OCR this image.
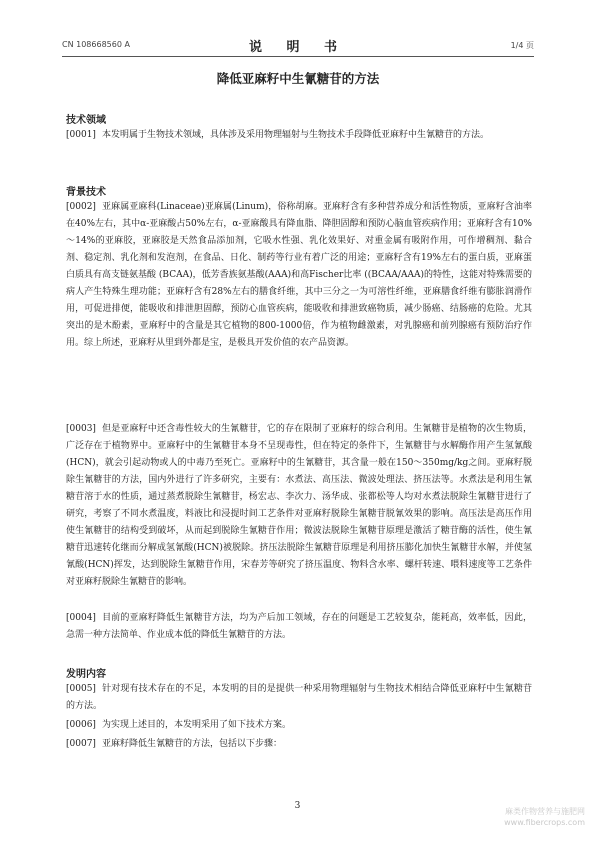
CN 108668560 A	说 明 书	1/4 页
降低亚麻籽中生氰糖苷的方法
技术领域

[0001] 本发明属于生物技术领域，具体涉及采用物理辐射与生物技术手段降低亚麻籽中生氰糖苷的方法。

背景技术

[0002] 亚麻属亚麻科(Linaceae)亚麻属(Linum)，俗称胡麻。亚麻籽含有多种营养成分和活性物质，亚麻籽含油率在40%左右，其中α-亚麻酸占50%左右，α-亚麻酸具有降血脂、降胆固醇和预防心脑血管疾病作用；亚麻籽含有10%～14%的亚麻胶，亚麻胶是天然食品添加剂，它吸水性强、乳化效果好、对重金属有吸附作用，可作增稠剂、黏合剂、稳定剂、乳化剂和发泡剂，在食品、日化、制药等行业有着广泛的用途；亚麻籽含有19%左右的蛋白质，亚麻蛋白质具有高支链氨基酸 (BCAA)，低芳香族氨基酸(AAA)和高Fischer比率 ((BCAA/AAA)的特性，这能对特殊需要的病人产生特殊生理功能；亚麻籽含有28%左右的膳食纤维，其中三分之一为可溶性纤维，亚麻膳食纤维有膨胀润滑作用，可促进排便，能吸收和排泄胆固醇，预防心血管疾病，能吸收和排泄致癌物质，减少肠癌、结肠癌的危险。尤其突出的是木酚素，亚麻籽中的含量是其它植物的800-1000倍，作为植物雌激素，对乳腺癌和前列腺癌有预防治疗作用。综上所述，亚麻籽从里到外都是宝，是极具开发价值的农产品资源。

[0003] 但是亚麻籽中还含毒性较大的生氰糖苷，它的存在限制了亚麻籽的综合利用。生氰糖苷是植物的次生物质，广泛存在于植物界中。亚麻籽中的生氰糖苷本身不呈现毒性，但在特定的条件下，生氰糖苷与水解酶作用产生氢氰酸(HCN)，就会引起动物或人的中毒乃至死亡。亚麻籽中的生氰糖苷，其含量一般在150～350mg/kg之间。亚麻籽脱除生氰糖苷的方法，国内外进行了许多研究，主要有：水煮法、高压法、微波处理法、挤压法等。水煮法是利用生氰糖苷溶于水的性质，通过蒸煮脱除生氰糖苷，杨宏志、李次力、汤华成、张都松等人均对水煮法脱除生氰糖苷进行了研究，考察了不同水煮温度，料液比和浸提时间工艺条件对亚麻籽脱除生氰糖苷脱氰效果的影响。高压法是高压作用使生氰糖苷的结构受到破坏，从而起到脱除生氰糖苷作用；微波法脱除生氰糖苷原理是激活了糖苷酶的活性，使生氰糖苷迅速转化继而分解成氢氰酸(HCN)被脱除。挤压法脱除生氰糖苷原理是利用挤压膨化加快生氰糖苷水解，并使氢氰酸(HCN)挥发，达到脱除生氰糖苷作用，宋春芳等研究了挤压温度、物料含水率、螺杆转速、喂料速度等工艺条件对亚麻籽脱除生氰糖苷的影响。

[0004] 目前的亚麻籽降低生氰糖苷方法，均为产后加工领域，存在的问题是工艺较复杂，能耗高，效率低，因此，急需一种方法简单、作业成本低的降低生氰糖苷的方法。

发明内容

[0005] 针对现有技术存在的不足，本发明的目的是提供一种采用物理辐射与生物技术相结合降低亚麻籽中生氰糖苷的方法。

[0006] 为实现上述目的，本发明采用了如下技术方案。

[0007] 亚麻籽降低生氰糖苷的方法，包括以下步骤：

3
麻类作物营养与施肥网
www.fibercrops.com
